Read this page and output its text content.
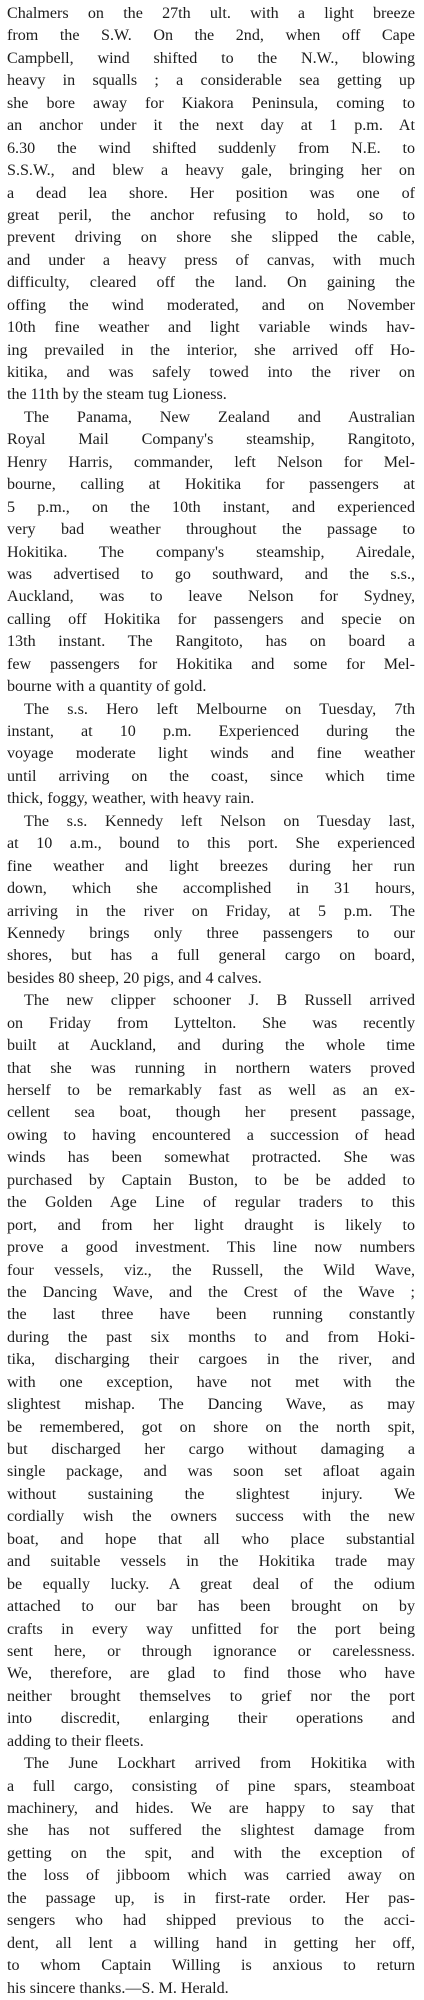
Chalmers on the 27th ult. with a light breeze
from the S.W. On the 2nd, when off Cape
Campbell, wind shifted to the N.W., blowing
heavy in squalls ; a considerable sea getting up
she bore away for Kiakora Peninsula, coming to
an anchor under it the next day at 1 p.m. At
6.30 the wind shifted suddenly from N.E. to
S.S.W., and blew a heavy gale, bringing her on
a dead lea shore. Her position was one of
great peril, the anchor refusing to hold, so to
prevent driving on shore she slipped the cable,
and under a heavy press of canvas, with much
difficulty, cleared off the land. On gaining the
offing the wind moderated, and on November
10th fine weather and light variable winds hav-
ing prevailed in the interior, she arrived off Ho-
kitika, and was safely towed into the river on
the 11th by the steam tug Lioness.
The Panama, New Zealand and Australian
Royal Mail Company's steamship, Rangitoto,
Henry Harris, commander, left Nelson for Mel-
bourne, calling at Hokitika for passengers at
5 p.m., on the 10th instant, and experienced
very bad weather throughout the passage to
Hokitika. The company's steamship, Airedale,
was advertised to go southward, and the s.s.,
Auckland, was to leave Nelson for Sydney,
calling off Hokitika for passengers and specie on
13th instant. The Rangitoto, has on board a
few passengers for Hokitika and some for Mel-
bourne with a quantity of gold.
The s.s. Hero left Melbourne on Tuesday, 7th
instant, at 10 p.m. Experienced during the
voyage moderate light winds and fine weather
until arriving on the coast, since which time
thick, foggy, weather, with heavy rain.
The s.s. Kennedy left Nelson on Tuesday last,
at 10 a.m., bound to this port. She experienced
fine weather and light breezes during her run
down, which she accomplished in 31 hours,
arriving in the river on Friday, at 5 p.m. The
Kennedy brings only three passengers to our
shores, but has a full general cargo on board,
besides 80 sheep, 20 pigs, and 4 calves.
The new clipper schooner J. B Russell arrived
on Friday from Lyttelton. She was recently
built at Auckland, and during the whole time
that she was running in northern waters proved
herself to be remarkably fast as well as an ex-
cellent sea boat, though her present passage,
owing to having encountered a succession of head
winds has been somewhat protracted. She was
purchased by Captain Buston, to be be added to
the Golden Age Line of regular traders to this
port, and from her light draught is likely to
prove a good investment. This line now numbers
four vessels, viz., the Russell, the Wild Wave,
the Dancing Wave, and the Crest of the Wave ;
the last three have been running constantly
during the past six months to and from Hoki-
tika, discharging their cargoes in the river, and
with one exception, have not met with the
slightest mishap. The Dancing Wave, as may
be remembered, got on shore on the north spit,
but discharged her cargo without damaging a
single package, and was soon set afloat again
without sustaining the slightest injury. We
cordially wish the owners success with the new
boat, and hope that all who place substantial
and suitable vessels in the Hokitika trade may
be equally lucky. A great deal of the odium
attached to our bar has been brought on by
crafts in every way unfitted for the port being
sent here, or through ignorance or carelessness.
We, therefore, are glad to find those who have
neither brought themselves to grief nor the port
into discredit, enlarging their operations and
adding to their fleets.
The June Lockhart arrived from Hokitika with
a full cargo, consisting of pine spars, steamboat
machinery, and hides. We are happy to say that
she has not suffered the slightest damage from
getting on the spit, and with the exception of
the loss of jibboom which was carried away on
the passage up, is in first-rate order. Her pas-
sengers who had shipped previous to the acci-
dent, all lent a willing hand in getting her off,
to whom Captain Willing is anxious to return
his sincere thanks.—S. M. Herald.
